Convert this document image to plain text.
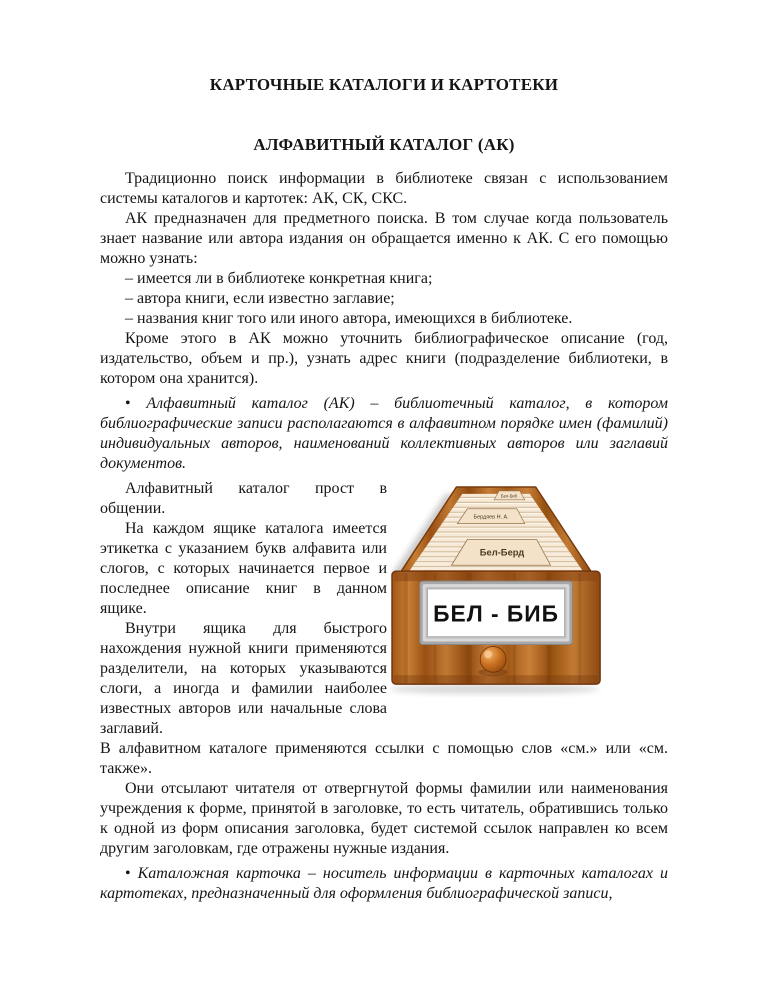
КАРТОЧНЫЕ КАТАЛОГИ И КАРТОТЕКИ
АЛФАВИТНЫЙ КАТАЛОГ (АК)

Традиционно поиск информации в библиотеке связан с использованием системы каталогов и картотек: АК, СК, СКС.

АК предназначен для предметного поиска. В том случае когда пользователь знает название или автора издания он обращается именно к АК. С его помощью можно узнать:

– имеется ли в библиотеке конкретная книга;

– автора книги, если известно заглавие;

– названия книг того или иного автора, имеющихся в библиотеке.

Кроме этого в АК можно уточнить библиографическое описание (год, издательство, объем и пр.), узнать адрес книги (подразделение библиотеки, в котором она хранится).

• Алфавитный каталог (АК) – библиотечный каталог, в котором библиографические записи располагаются в алфавитном порядке имен (фамилий) индивидуальных авторов, наименований коллективных авторов или заглавий документов.

Алфавитный каталог прост в общении.

На каждом ящике каталога имеется этикетка с указанием букв алфавита или слогов, с которых начинается первое и последнее описание книг в данном ящике.

Внутри ящика для быстрого нахождения нужной книги применяются разделители, на которых указываются слоги, а иногда и фамилии наиболее известных авторов или начальные слова заглавий.

Бел-Биб
Бердяев Н. А.
Бел-Берд
БЕЛ - БИБ

В алфавитном каталоге применяются ссылки с помощью слов «см.» или «см. также».

Они отсылают читателя от отвергнутой формы фамилии или наименования учреждения к форме, принятой в заголовке, то есть читатель, обратившись только к одной из форм описания заголовка, будет системой ссылок направлен ко всем другим заголовкам, где отражены нужные издания.

• Каталожная карточка – носитель информации в карточных каталогах и картотеках, предназначенный для оформления библиографической записи,
